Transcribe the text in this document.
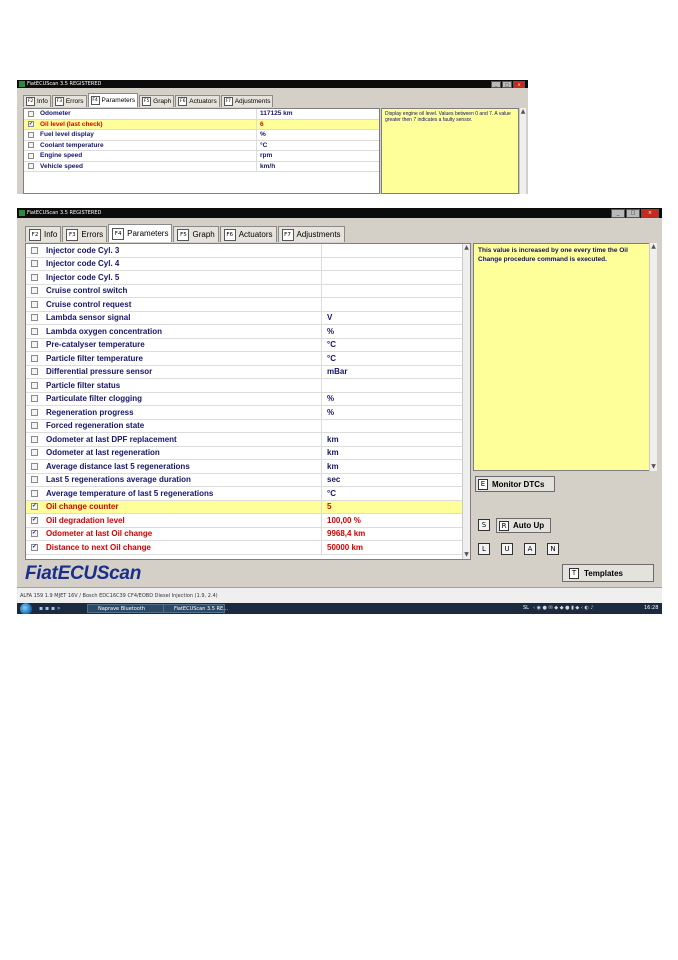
FiatECUScan 3.5 REGISTERED	_	□	×
F2 Info	F3 Errors	F4 Parameters	F5 Graph	F6 Actuators	F7 Adjustments
Odometer	117125 km
✓ Oil level (last check)	6
Fuel level display	%
Coolant temperature	°C
Engine speed	rpm
Vehicle speed	km/h
Display engine oil level. Values between 0 and 7. A value greater then 7 indicates a faulty sensor.
▲
FiatECUScan 3.5 REGISTERED	_	□	×
F2 Info	F3 Errors	F4 Parameters	F5 Graph	F6 Actuators	F7 Adjustments
Injector code Cyl. 3
Injector code Cyl. 4
Injector code Cyl. 5
Cruise control switch
Cruise control request
Lambda sensor signal	V
Lambda oxygen concentration	%
Pre-catalyser temperature	°C
Particle filter temperature	°C
Differential pressure sensor	mBar
Particle filter status
Particulate filter clogging	%
Regeneration progress	%
Forced regeneration state
Odometer at last DPF replacement	km
Odometer at last regeneration	km
Average distance last 5 regenerations	km
Last 5 regenerations average duration	sec
Average temperature of last 5 regenerations	°C
✓ Oil change counter	5
✓ Oil degradation level	100,00 %
✓ Odometer at last Oil change	9968,4 km
✓ Distance to next Oil change	50000 km
▲
▼
This value is increased by one every time the Oil Change procedure command is executed.
▲
▼
E Monitor DTCs
S	R Auto Up
L	U	A	N
FiatECUScan	T Templates
ALFA 159 1.9 MJET 16V / Bosch EDC16C39 CF4/EOBD Diesel Injection (1.9, 2.4)
▪ ▪ ▪ »	Naprave Bluetooth	FiatECUScan 3.5 RE...	SL ‹ ◉ ● ✉ ◆ ◆ ● ▮ ◆ ‹ ◐ ♪	16:28
